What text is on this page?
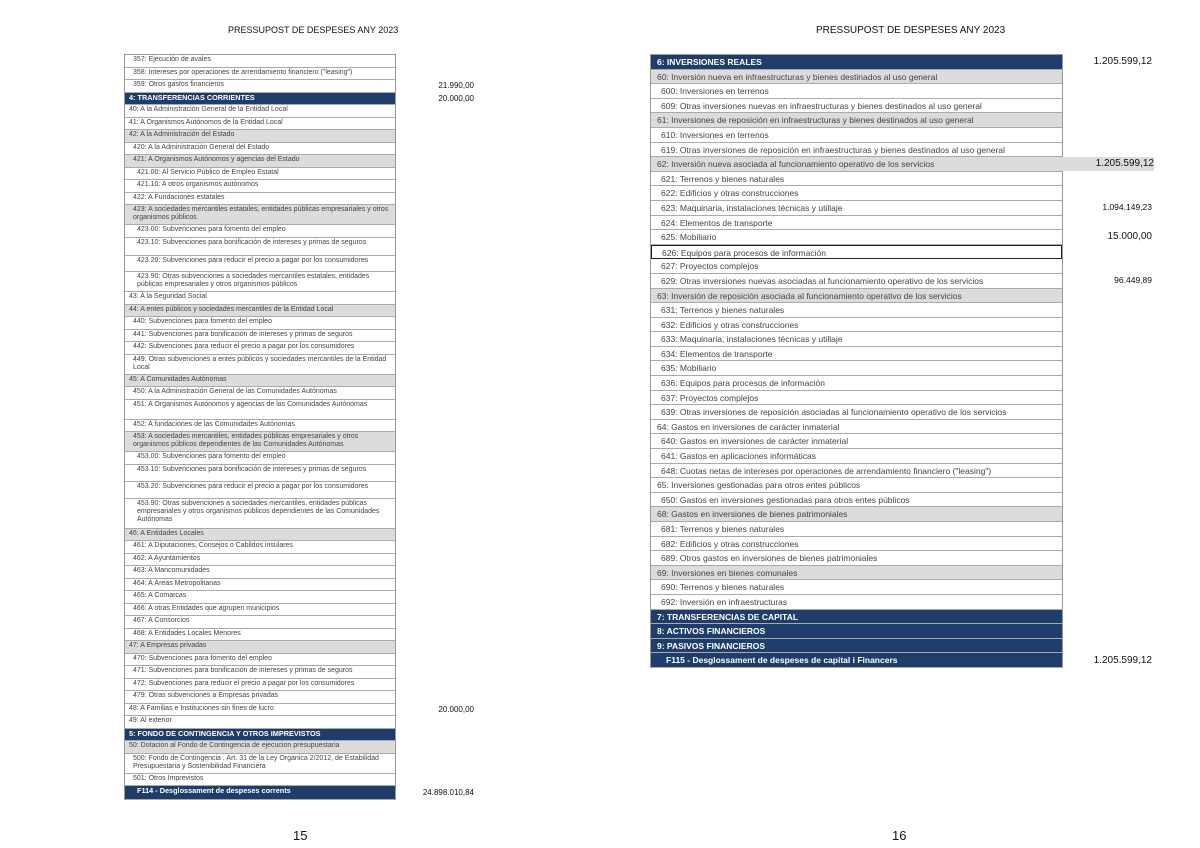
PRESSUPOST DE DESPESES ANY 2023
357: Ejecución de avales
358: Intereses por operaciones de arrendamiento financiero ("leasing")
359: Otros gastos financieros
4: TRANSFERENCIAS CORRIENTES
40: A la Administración General de la Entidad Local
41: A Organismos Autónomos de la Entidad Local
42: A la Administración del Estado
420: A la Administración General del Estado
421: A Organismos Autónomos y agencias del Estado
421.00: Al Servicio Público de Empleo Estatal
421.10: A otros organismos autónomos
422: A Fundaciones estatales
423: A sociedades mercantiles estatales, entidades públicas empresariales y otros organismos públicos
423.00: Subvenciones para fomento del empleo
423.10: Subvenciones para bonificación de intereses y primas de seguros
423.20: Subvenciones para reducir el precio a pagar por los consumidores
423.90: Otras subvenciones a sociedades mercantiles estatales, entidades públicas empresariales y otros organismos públicos
43: A la Seguridad Social
44: A entes públicos y sociedades mercantiles de la Entidad Local
440: Subvenciones para fomento del empleo
441: Subvenciones para bonificación de intereses y primas de seguros
442: Subvenciones para reducir el precio a pagar por los consumidores
449: Otras subvenciones a entes públicos y sociedades mercantiles de la Entidad Local
45: A Comunidades Autónomas
450: A la Administración General de las Comunidades Autónomas
451: A Organismos Autónomos y agencias de las Comunidades Autónomas
452: A fundaciones de las Comunidades Autónomas
453: A sociedades mercantiles, entidades públicas empresariales y otros organismos públicos dependientes de las Comunidades Autónomas
453.00: Subvenciones para fomento del empleo
453.10: Subvenciones para bonificación de intereses y primas de seguros
453.20: Subvenciones para reducir el precio a pagar por los consumidores
453.90: Otras subvenciones a sociedades mercantiles, entidades públicas empresariales y otros organismos públicos dependientes de las Comunidades Autónomas
46: A Entidades Locales
461: A Diputaciones, Consejos o Cabildos insulares
462: A Ayuntamientos
463: A Mancomunidades
464: A Áreas Metropolitanas
465: A Comarcas
466: A otras Entidades que agrupen municipios
467: A Consorcios
468: A Entidades Locales Menores
47: A Empresas privadas
470: Subvenciones para fomento del empleo
471: Subvenciones para bonificación de intereses y primas de seguros
472: Subvenciones para reducir el precio a pagar por los consumidores
479: Otras subvenciones a Empresas privadas
48: A Familias e Instituciones sin fines de lucro
49: Al exterior
5: FONDO DE CONTINGENCIA Y OTROS IMPREVISTOS
50: Dotacion al Fondo de Contingencia de ejecucion presupuestaria
500: Fondo de Contingencia . Art. 31 de la Ley Organica 2/2012, de Estabilidad Presupuestaria y Sostenibilidad Financiera
501: Otros Imprevistos
F114 - Desglossament de despeses corrents
21.990,00
20.000,00
20.000,00
24.898.010,84
15
PRESSUPOST DE DESPESES ANY 2023
6: INVERSIONES REALES
60: Inversión nueva en infraestructuras y bienes destinados al uso general
600: Inversiones en terrenos
609: Otras inversiones nuevas en infraestructuras y bienes destinados al uso general
61: Inversiones de reposición en infraestructuras y bienes destinados al uso general
610: Inversiones en terrenos
619: Otras inversiones de reposición en infraestructuras y bienes destinados al uso general
62: Inversión nueva asociada al funcionamiento operativo de los servicios
621: Terrenos y bienes naturales
622: Edificios y otras construcciones
623: Maquinaria, instalaciones técnicas y utillaje
624: Elementos de transporte
625: Mobiliario
626: Equipos para procesos de información
627: Proyectos complejos
629: Otras inversiones nuevas asociadas al funcionamiento operativo de los servicios
63: Inversión de reposición asociada al funcionamiento operativo de los servicios
631: Terrenos y bienes naturales
632: Edificios y otras construcciones
633: Maquinaria, instalaciones técnicas y utillaje
634: Elementos de transporte
635: Mobiliario
636: Equipos para procesos de información
637: Proyectos complejos
639: Otras inversiones de reposición asociadas al funcionamiento operativo de los servicios
64: Gastos en inversiones de carácter inmaterial
640: Gastos en inversiones de carácter inmaterial
641: Gastos en aplicaciones informáticas
648: Cuotas netas de intereses por operaciones de arrendamiento financiero ("leasing")
65: Inversiones gestionadas para otros entes públicos
650: Gastos en inversiones gestionadas para otros entes públicos
68: Gastos en inversiones de bienes patrimoniales
681: Terrenos y bienes naturales
682: Edificios y otras construcciones
689: Otros gastos en inversiones de bienes patrimoniales
69: Inversiones en bienes comunales
690: Terrenos y bienes naturales
692: Inversión en infraestructuras
7: TRANSFERENCIAS DE CAPITAL
8: ACTIVOS FINANCIEROS
9: PASIVOS FINANCIEROS
F115 - Desglossament de despeses de capital i Financers
1.205.599,12
1.205.599,12
1.094.149,23
15.000,00
96.449,89
1.205.599,12
16
